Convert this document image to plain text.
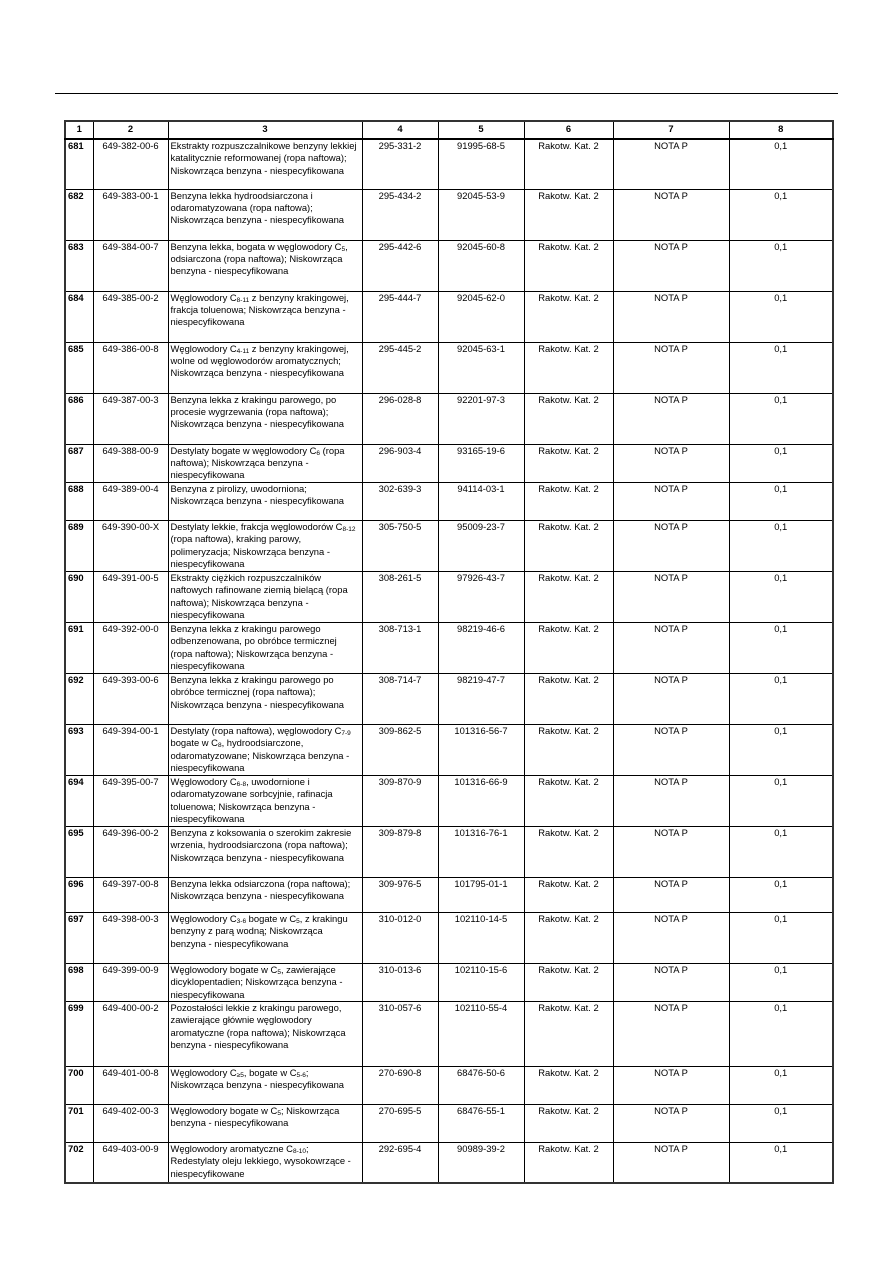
1	2	3	4	5	6	7	8
681	649-382-00-6	Ekstrakty rozpuszczalnikowe benzyny lekkiej katalitycznie reformowanej (ropa naftowa); Niskowrząca benzyna - niespecyfikowana	295-331-2	91995-68-5	Rakotw. Kat. 2	NOTA P	0,1
682	649-383-00-1	Benzyna lekka hydroodsiarczona i odaromatyzowana (ropa naftowa); Niskowrząca benzyna - niespecyfikowana	295-434-2	92045-53-9	Rakotw. Kat. 2	NOTA P	0,1
683	649-384-00-7	Benzyna lekka, bogata w węglowodory $C_5$, odsiarczona (ropa naftowa); Niskowrząca benzyna - niespecyfikowana	295-442-6	92045-60-8	Rakotw. Kat. 2	NOTA P	0,1
684	649-385-00-2	Węglowodory $C_{8-11}$ z benzyny krakingowej, frakcja toluenowa; Niskowrząca benzyna - niespecyfikowana	295-444-7	92045-62-0	Rakotw. Kat. 2	NOTA P	0,1
685	649-386-00-8	Węglowodory $C_{4-11}$ z benzyny krakingowej, wolne od węglowodorów aromatycznych; Niskowrząca benzyna - niespecyfikowana	295-445-2	92045-63-1	Rakotw. Kat. 2	NOTA P	0,1
686	649-387-00-3	Benzyna lekka z krakingu parowego, po procesie wygrzewania (ropa naftowa); Niskowrząca benzyna - niespecyfikowana	296-028-8	92201-97-3	Rakotw. Kat. 2	NOTA P	0,1
687	649-388-00-9	Destylaty bogate w węglowodory $C_6$ (ropa naftowa); Niskowrząca benzyna - niespecyfikowana	296-903-4	93165-19-6	Rakotw. Kat. 2	NOTA P	0,1
688	649-389-00-4	Benzyna z pirolizy, uwodorniona; Niskowrząca benzyna - niespecyfikowana	302-639-3	94114-03-1	Rakotw. Kat. 2	NOTA P	0,1
689	649-390-00-X	Destylaty lekkie, frakcja węglowodorów $C_{8-12}$ (ropa naftowa), kraking parowy, polimeryzacja; Niskowrząca benzyna - niespecyfikowana	305-750-5	95009-23-7	Rakotw. Kat. 2	NOTA P	0,1
690	649-391-00-5	Ekstrakty ciężkich rozpuszczalników naftowych rafinowane ziemią bielącą (ropa naftowa); Niskowrząca benzyna - niespecyfikowana	308-261-5	97926-43-7	Rakotw. Kat. 2	NOTA P	0,1
691	649-392-00-0	Benzyna lekka z krakingu parowego odbenzenowana, po obróbce termicznej (ropa naftowa); Niskowrząca benzyna - niespecyfikowana	308-713-1	98219-46-6	Rakotw. Kat. 2	NOTA P	0,1
692	649-393-00-6	Benzyna lekka z krakingu parowego po obróbce termicznej (ropa naftowa); Niskowrząca benzyna - niespecyfikowana	308-714-7	98219-47-7	Rakotw. Kat. 2	NOTA P	0,1
693	649-394-00-1	Destylaty (ropa naftowa), węglowodory $C_{7-9}$ bogate w $C_8$, hydroodsiarczone, odaromatyzowane; Niskowrząca benzyna - niespecyfikowana	309-862-5	101316-56-7	Rakotw. Kat. 2	NOTA P	0,1
694	649-395-00-7	Węglowodory $C_{6-8}$, uwodornione i odaromatyzowane sorbcyjnie, rafinacja toluenowa; Niskowrząca benzyna - niespecyfikowana	309-870-9	101316-66-9	Rakotw. Kat. 2	NOTA P	0,1
695	649-396-00-2	Benzyna z koksowania o szerokim zakresie wrzenia, hydroodsiarczona (ropa naftowa); Niskowrząca benzyna - niespecyfikowana	309-879-8	101316-76-1	Rakotw. Kat. 2	NOTA P	0,1
696	649-397-00-8	Benzyna lekka odsiarczona (ropa naftowa); Niskowrząca benzyna - niespecyfikowana	309-976-5	101795-01-1	Rakotw. Kat. 2	NOTA P	0,1
697	649-398-00-3	Węglowodory $C_{3-6}$ bogate w $C_5$, z krakingu benzyny z parą wodną; Niskowrząca benzyna - niespecyfikowana	310-012-0	102110-14-5	Rakotw. Kat. 2	NOTA P	0,1
698	649-399-00-9	Węglowodory bogate w $C_5$, zawierające dicyklopentadien; Niskowrząca benzyna - niespecyfikowana	310-013-6	102110-15-6	Rakotw. Kat. 2	NOTA P	0,1
699	649-400-00-2	Pozostałości lekkie z krakingu parowego, zawierające głównie węglowodory aromatyczne (ropa naftowa); Niskowrząca benzyna - niespecyfikowana	310-057-6	102110-55-4	Rakotw. Kat. 2	NOTA P	0,1
700	649-401-00-8	Węglowodory $C_{\ge 5}$, bogate w $C_{5-6}$; Niskowrząca benzyna - niespecyfikowana	270-690-8	68476-50-6	Rakotw. Kat. 2	NOTA P	0,1
701	649-402-00-3	Węglowodory bogate w $C_5$; Niskowrząca benzyna - niespecyfikowana	270-695-5	68476-55-1	Rakotw. Kat. 2	NOTA P	0,1
702	649-403-00-9	Węglowodory aromatyczne $C_{8-10}$; Redestylaty oleju lekkiego, wysokowrzące - niespecyfikowane	292-695-4	90989-39-2	Rakotw. Kat. 2	NOTA P	0,1
